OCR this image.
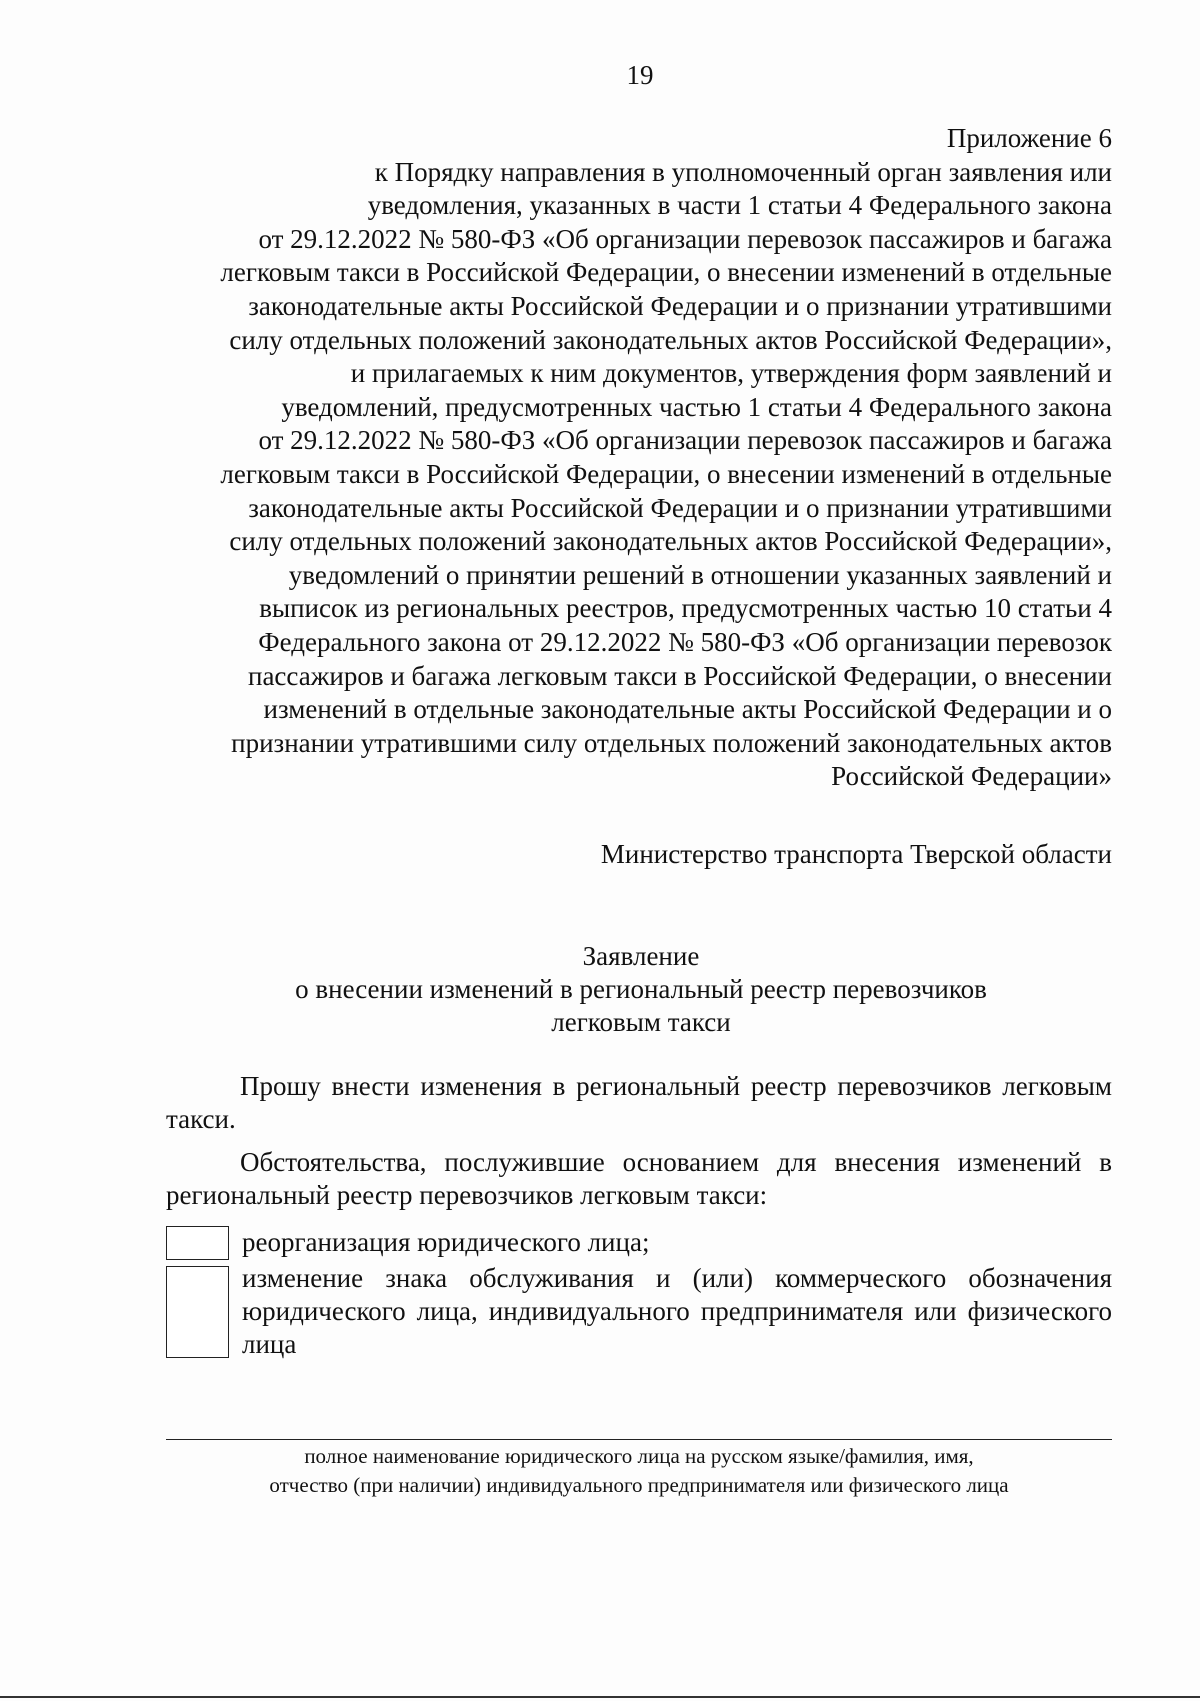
19
Приложение 6
к Порядку направления в уполномоченный орган заявления или
уведомления, указанных в части 1 статьи 4 Федерального закона
от 29.12.2022 № 580-ФЗ «Об организации перевозок пассажиров и багажа
легковым такси в Российской Федерации, о внесении изменений в отдельные
законодательные акты Российской Федерации и о признании утратившими
силу отдельных положений законодательных актов Российской Федерации»,
и прилагаемых к ним документов, утверждения форм заявлений и
уведомлений, предусмотренных частью 1 статьи 4 Федерального закона
от 29.12.2022 № 580-ФЗ «Об организации перевозок пассажиров и багажа
легковым такси в Российской Федерации, о внесении изменений в отдельные
законодательные акты Российской Федерации и о признании утратившими
силу отдельных положений законодательных актов Российской Федерации»,
уведомлений о принятии решений в отношении указанных заявлений и
выписок из региональных реестров, предусмотренных частью 10 статьи 4
Федерального закона от 29.12.2022 № 580-ФЗ «Об организации перевозок
пассажиров и багажа легковым такси в Российской Федерации, о внесении
изменений в отдельные законодательные акты Российской Федерации и о
признании утратившими силу отдельных положений законодательных актов
Российской Федерации»
Министерство транспорта Тверской области
Заявление
о внесении изменений в региональный реестр перевозчиков
легковым такси

Прошу внести изменения в региональный реестр перевозчиков легковым такси.

Обстоятельства, послужившие основанием для внесения изменений в региональный реестр перевозчиков легковым такси:

реорганизация юридического лица;
изменение знака обслуживания и (или) коммерческого обозначения юридического лица, индивидуального предпринимателя или физического лица
полное наименование юридического лица на русском языке/фамилия, имя,
отчество (при наличии) индивидуального предпринимателя или физического лица
